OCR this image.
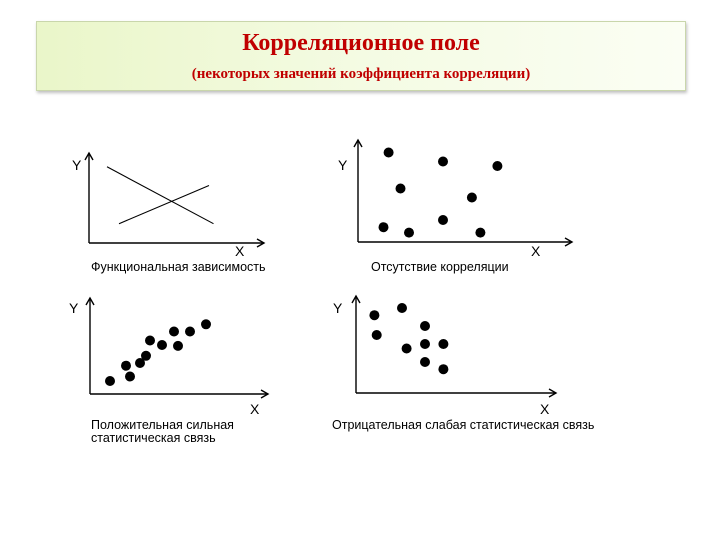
Корреляционное поле
(некоторых значений коэффициента корреляции)
Y
X
Функциональная зависимость
Y
X
Отсутствие корреляции
Y
X
Положительная сильная
статистическая связь
Y
X
Отрицательная слабая статистическая связь
